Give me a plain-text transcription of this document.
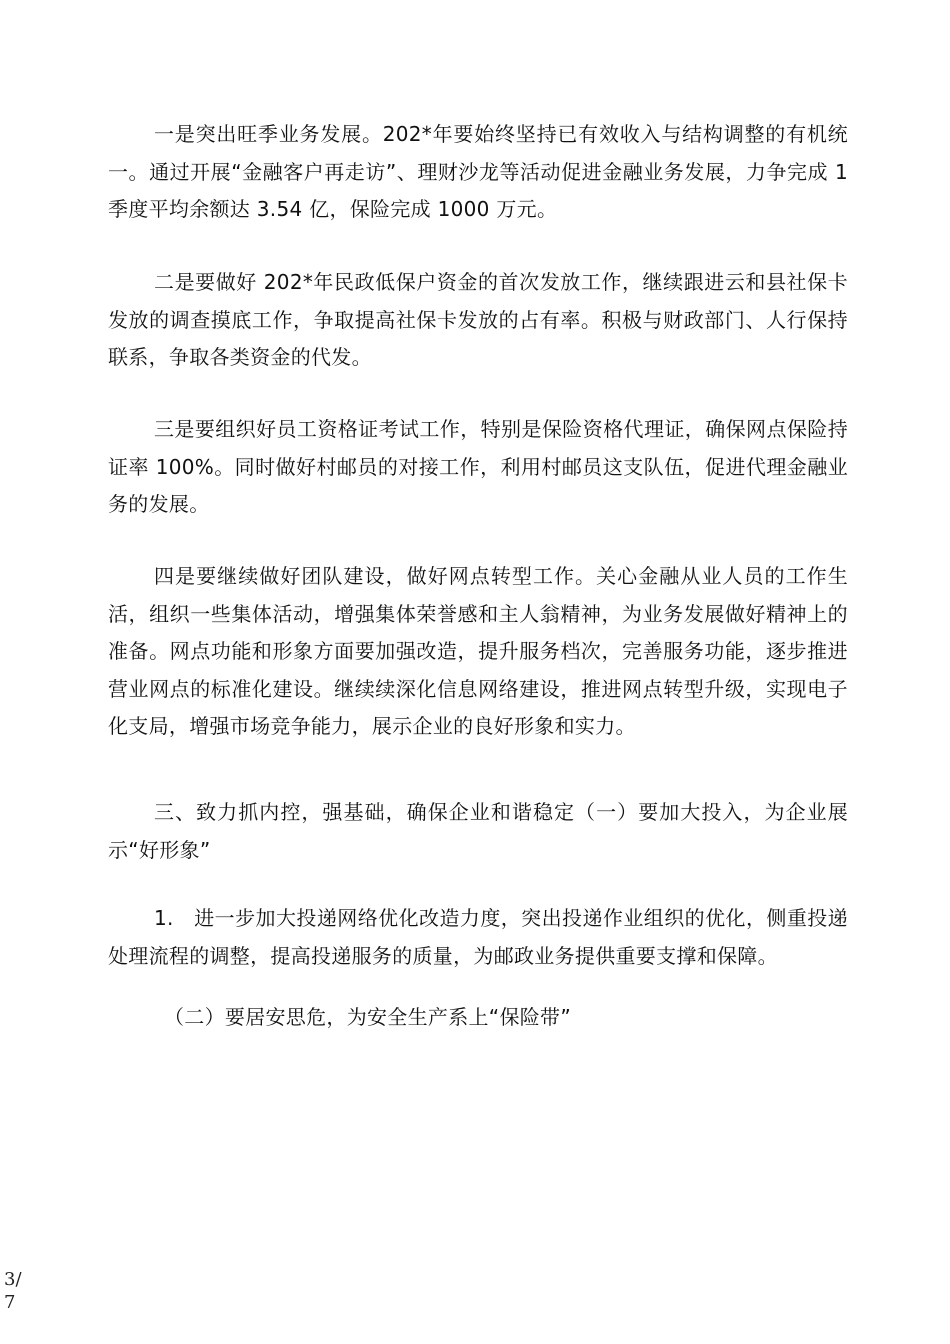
一是突出旺季业务发展。202*年要始终坚持已有效收入与结构调整的有机统一。通过开展“金融客户再走访”、理财沙龙等活动促进金融业务发展，力争完成 1 季度平均余额达 3.54 亿，保险完成 1000 万元。

二是要做好 202*年民政低保户资金的首次发放工作，继续跟进云和县社保卡发放的调查摸底工作，争取提高社保卡发放的占有率。积极与财政部门、人行保持联系，争取各类资金的代发。

三是要组织好员工资格证考试工作，特别是保险资格代理证，确保网点保险持证率 100%。同时做好村邮员的对接工作，利用村邮员这支队伍，促进代理金融业务的发展。

四是要继续做好团队建设，做好网点转型工作。关心金融从业人员的工作生活，组织一些集体活动，增强集体荣誉感和主人翁精神，为业务发展做好精神上的准备。网点功能和形象方面要加强改造，提升服务档次，完善服务功能，逐步推进营业网点的标准化建设。继续续深化信息网络建设，推进网点转型升级，实现电子化支局，增强市场竞争能力，展示企业的良好形象和实力。

三、致力抓内控，强基础，确保企业和谐稳定（一）要加大投入，为企业展示“好形象”

1.　进一步加大投递网络优化改造力度，突出投递作业组织的优化，侧重投递处理流程的调整，提高投递服务的质量，为邮政业务提供重要支撑和保障。

（二）要居安思危，为安全生产系上“保险带”

3/7
